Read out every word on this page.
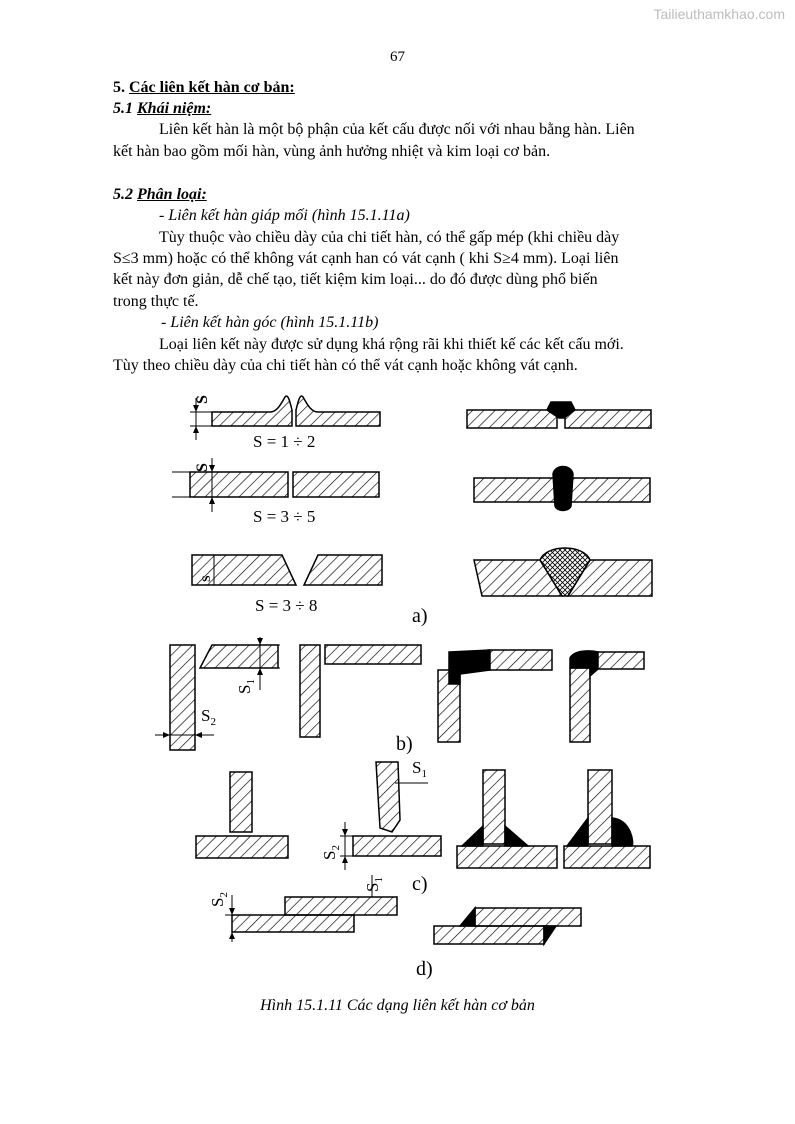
Tailieuthamkhao.com
67
5. Các liên kết hàn cơ bản:
5.1 Khái niệm:
Liên kết hàn là một bộ phận của kết cấu được nối với nhau bằng hàn. Liên
kết hàn bao gồm mối hàn, vùng ảnh hưởng nhiệt và kim loại cơ bản.
5.2 Phân loại:
- Liên kết hàn giáp mối (hình 15.1.11a)
Tùy thuộc vào chiều dày của chi tiết hàn, có thể gấp mép (khi chiều dày
S≤3 mm) hoặc có thể không vát cạnh han có vát cạnh ( khi S≥4 mm). Loại liên
kết này đơn giản, dễ chế tạo, tiết kiệm kim loại... do đó được dùng phổ biến
trong thực tế.
- Liên kết hàn góc (hình 15.1.11b)
Loại liên kết này được sử dụng khá rộng rãi khi thiết kế các kết cấu mới.
Tùy theo chiều dày của chi tiết hàn có thể vát cạnh hoặc không vát cạnh.
S
S
S
S = 1 ÷ 2
S = 3 ÷ 5
S = 3 ÷ 8
$S_1$
$S_2$
$S_1$
$S_2$
$S_1$
$S_2$
a)
b)
c)
d)
Hình 15.1.11 Các dạng liên kết hàn cơ bản
